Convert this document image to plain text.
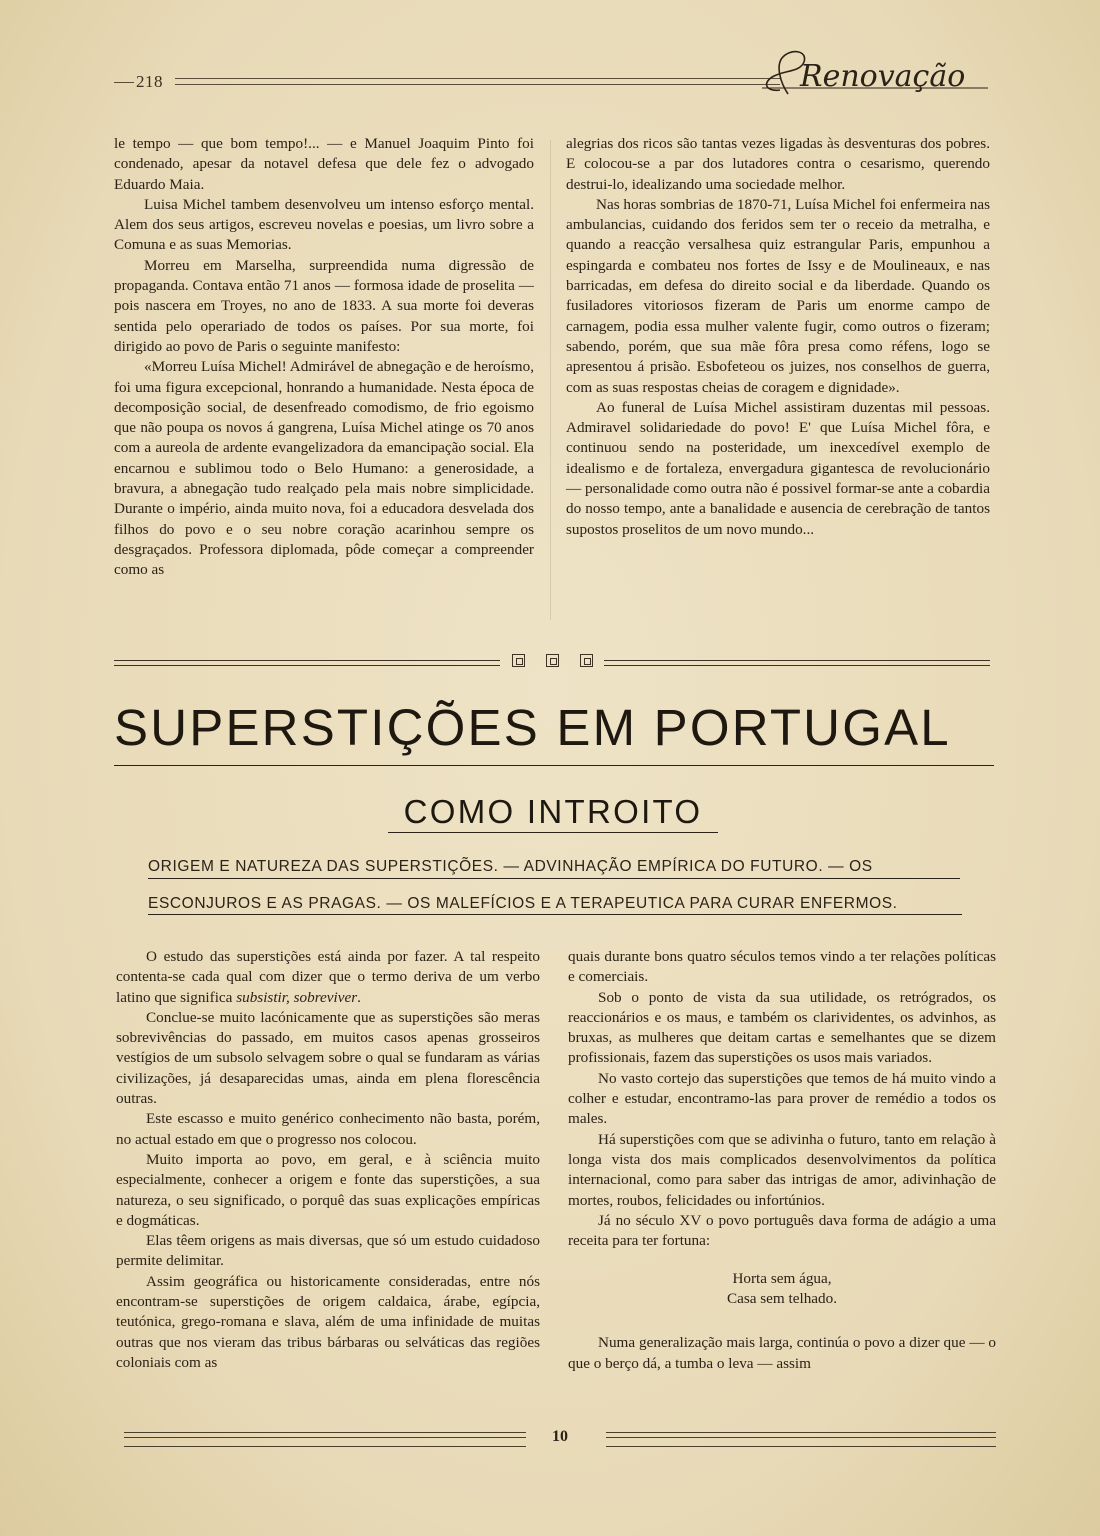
218	Renovação

le tempo — que bom tempo!... — e Manuel Joaquim Pinto foi condenado, apesar da notavel defesa que dele fez o advogado Eduardo Maia.

Luisa Michel tambem desenvolveu um intenso esforço mental. Alem dos seus artigos, escreveu novelas e poesias, um livro sobre a Comuna e as suas Memorias.

Morreu em Marselha, surpreendida numa digressão de propaganda. Contava então 71 anos — formosa idade de proselita — pois nascera em Troyes, no ano de 1833. A sua morte foi deveras sentida pelo operariado de todos os países. Por sua morte, foi dirigido ao povo de Paris o seguinte manifesto:

«Morreu Luísa Michel! Admirável de abnegação e de heroísmo, foi uma figura excepcional, honrando a humanidade. Nesta época de decomposição social, de desenfreado comodismo, de frio egoismo que não poupa os novos á gangrena, Luísa Michel atinge os 70 anos com a aureola de ardente evangelizadora da emancipação social. Ela encarnou e sublimou todo o Belo Humano: a generosidade, a bravura, a abnegação tudo realçado pela mais nobre simplicidade. Durante o império, ainda muito nova, foi a educadora desvelada dos filhos do povo e o seu nobre coração acarinhou sempre os desgraçados. Professora diplomada, pôde começar a compreender como as

alegrias dos ricos são tantas vezes ligadas às desventuras dos pobres. E colocou-se a par dos lutadores contra o cesarismo, querendo destrui-lo, idealizando uma sociedade melhor.

Nas horas sombrias de 1870-71, Luísa Michel foi enfermeira nas ambulancias, cuidando dos feridos sem ter o receio da metralha, e quando a reacção versalhesa quiz estrangular Paris, empunhou a espingarda e combateu nos fortes de Issy e de Moulineaux, e nas barricadas, em defesa do direito social e da liberdade. Quando os fusiladores vitoriosos fizeram de Paris um enorme campo de carnagem, podia essa mulher valente fugir, como outros o fizeram; sabendo, porém, que sua mãe fôra presa como réfens, logo se apresentou á prisão. Esbofeteou os juizes, nos conselhos de guerra, com as suas respostas cheias de coragem e dignidade».

Ao funeral de Luísa Michel assistiram duzentas mil pessoas. Admiravel solidariedade do povo! E' que Luísa Michel fôra, e continuou sendo na posteridade, um inexcedível exemplo de idealismo e de fortaleza, envergadura gigantesca de revolucionário — personalidade como outra não é possivel formar-se ante a cobardia do nosso tempo, ante a banalidade e ausencia de cerebração de tantos supostos proselitos de um novo mundo...

SUPERSTIÇÕES EM PORTUGAL
COMO INTROITO
ORIGEM E NATUREZA DAS SUPERSTIÇÕES. — ADVINHAÇÃO EMPÍRICA DO FUTURO. — OS
ESCONJUROS E AS PRAGAS. — OS MALEFÍCIOS E A TERAPEUTICA PARA CURAR ENFERMOS.

O estudo das superstições está ainda por fazer. A tal respeito contenta-se cada qual com dizer que o termo deriva de um verbo latino que significa subsistir, sobreviver.

Conclue-se muito lacónicamente que as superstições são meras sobrevivências do passado, em muitos casos apenas grosseiros vestígios de um subsolo selvagem sobre o qual se fundaram as várias civilizações, já desaparecidas umas, ainda em plena florescência outras.

Este escasso e muito genérico conhecimento não basta, porém, no actual estado em que o progresso nos colocou.

Muito importa ao povo, em geral, e à sciência muito especialmente, conhecer a origem e fonte das superstições, a sua natureza, o seu significado, o porquê das suas explicações empíricas e dogmáticas.

Elas têem origens as mais diversas, que só um estudo cuidadoso permite delimitar.

Assim geográfica ou historicamente consideradas, entre nós encontram-se superstições de origem caldaica, árabe, egípcia, teutónica, grego-romana e slava, além de uma infinidade de muitas outras que nos vieram das tribus bárbaras ou selváticas das regiões coloniais com as

quais durante bons quatro séculos temos vindo a ter relações políticas e comerciais.

Sob o ponto de vista da sua utilidade, os retrógrados, os reaccionários e os maus, e também os clarividentes, os advinhos, as bruxas, as mulheres que deitam cartas e semelhantes que se dizem profissionais, fazem das superstições os usos mais variados.

No vasto cortejo das superstições que temos de há muito vindo a colher e estudar, encontramo-las para prover de remédio a todos os males.

Há superstições com que se adivinha o futuro, tanto em relação à longa vista dos mais complicados desenvolvimentos da política internacional, como para saber das intrigas de amor, adivinhação de mortes, roubos, felicidades ou infortúnios.

Já no século XV o povo português dava forma de adágio a uma receita para ter fortuna:

Horta sem água,
Casa sem telhado.

Numa generalização mais larga, continúa o povo a dizer que — o que o berço dá, a tumba o leva — assim

10
